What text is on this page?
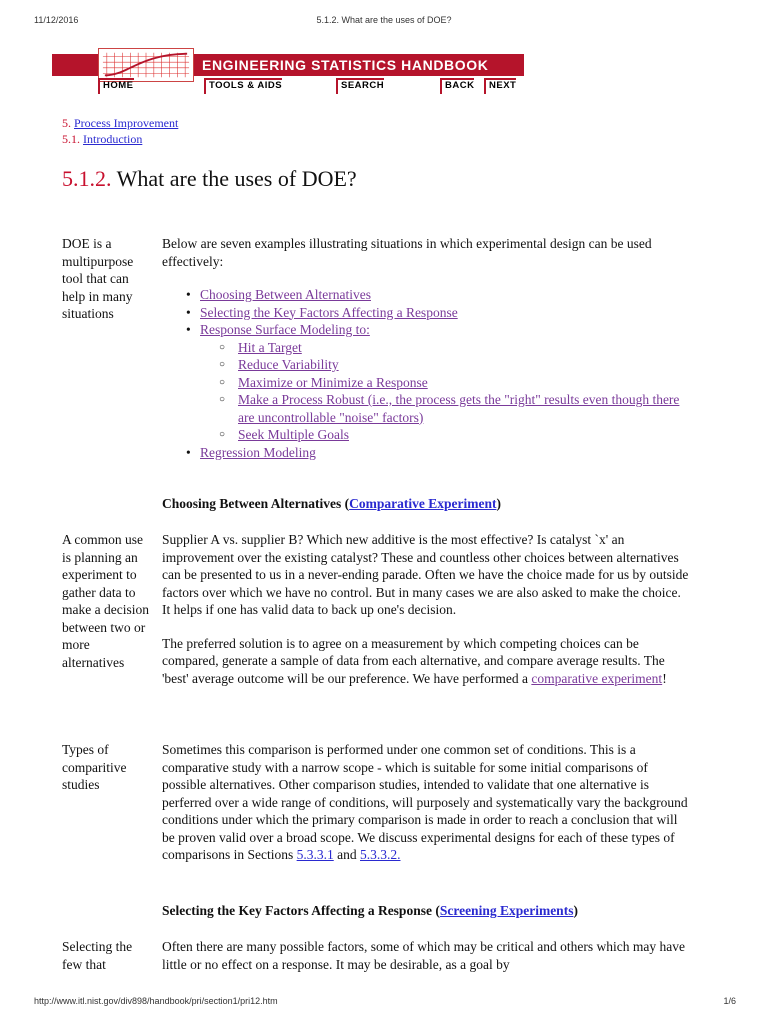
11/12/2016	5.1.2. What are the uses of DOE?
http://www.itl.nist.gov/div898/handbook/pri/section1/pri12.htm	1/6
ENGINEERING STATISTICS HANDBOOK
HOME	TOOLS & AIDS	SEARCH	BACK	NEXT
5. Process Improvement
5.1. Introduction
5.1.2. What are the uses of DOE?
DOE is a multipurpose tool that can help in many situations

Below are seven examples illustrating situations in which experimental design can be used effectively:

• Choosing Between Alternatives
• Selecting the Key Factors Affecting a Response
• Response Surface Modeling to:
○ Hit a Target
○ Reduce Variability
○ Maximize or Minimize a Response
○ Make a Process Robust (i.e., the process gets the "right" results even though there are uncontrollable "noise" factors)
○ Seek Multiple Goals
• Regression Modeling
Choosing Between Alternatives (Comparative Experiment)
A common use is planning an experiment to gather data to make a decision between two or more alternatives

Supplier A vs. supplier B? Which new additive is the most effective? Is catalyst `x' an improvement over the existing catalyst? These and countless other choices between alternatives can be presented to us in a never-ending parade. Often we have the choice made for us by outside factors over which we have no control. But in many cases we are also asked to make the choice. It helps if one has valid data to back up one's decision.

The preferred solution is to agree on a measurement by which competing choices can be compared, generate a sample of data from each alternative, and compare average results. The 'best' average outcome will be our preference. We have performed a comparative experiment!

Types of comparitive studies

Sometimes this comparison is performed under one common set of conditions. This is a comparative study with a narrow scope - which is suitable for some initial comparisons of possible alternatives. Other comparison studies, intended to validate that one alternative is perferred over a wide range of conditions, will purposely and systematically vary the background conditions under which the primary comparison is made in order to reach a conclusion that will be proven valid over a broad scope. We discuss experimental designs for each of these types of comparisons in Sections 5.3.3.1 and 5.3.3.2.

Selecting the Key Factors Affecting a Response (Screening Experiments)
Selecting the few that
Often there are many possible factors, some of which may be critical and others which may have little or no effect on a response. It may be desirable, as a goal by
